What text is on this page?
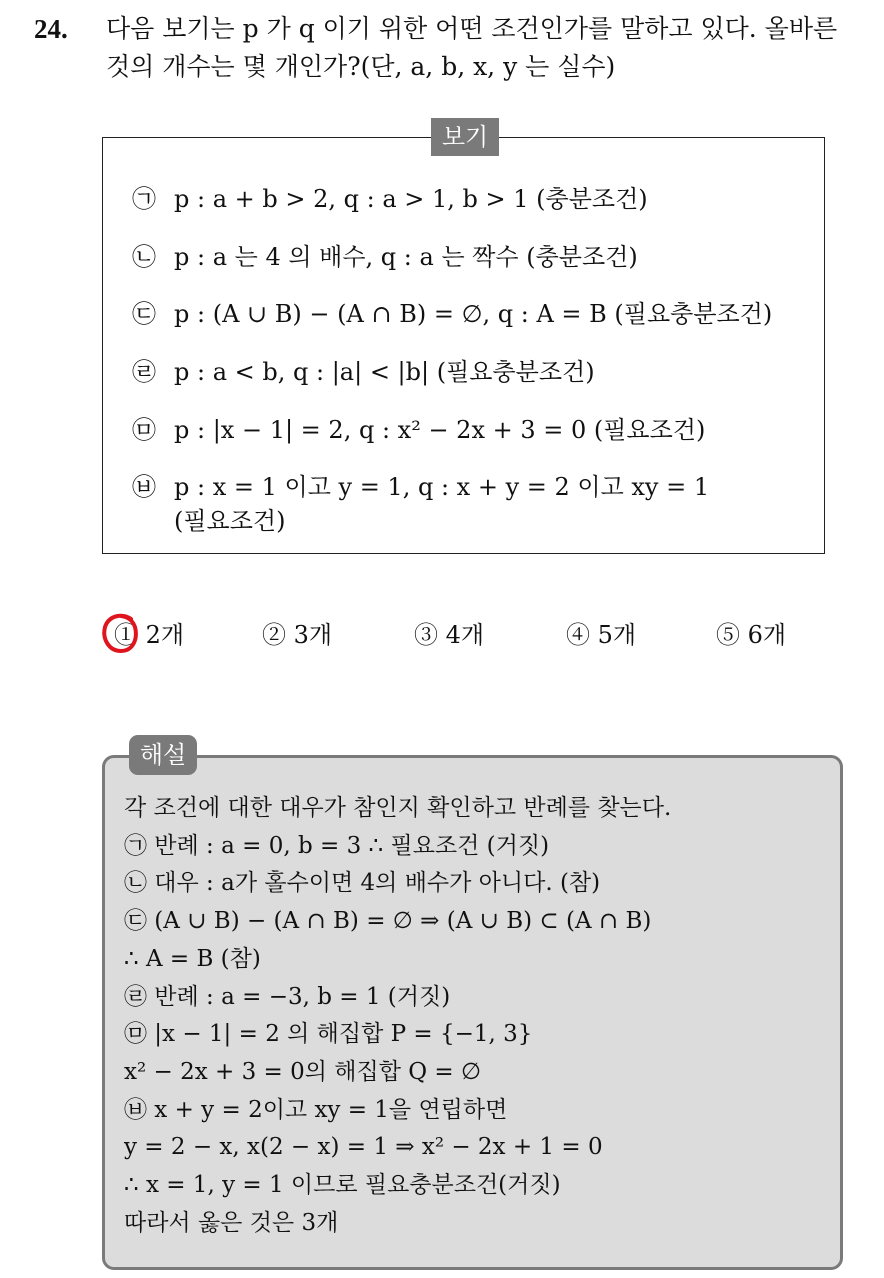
24. 다음 보기는 p 가 q 이기 위한 어떤 조건인가를 말하고 있다. 올바른
것의 개수는 몇 개인가?(단, a, b, x, y 는 실수)
보기
㉠ p : a + b > 2, q : a > 1, b > 1 (충분조건)
㉡ p : a 는 4 의 배수, q : a 는 짝수 (충분조건)
㉢ p : (A ∪ B) − (A ∩ B) = ∅, q : A = B (필요충분조건)
㉣ p : a < b, q : |a| < |b| (필요충분조건)
㉤ p : |x − 1| = 2, q : x² − 2x + 3 = 0 (필요조건)
㉥ p : x = 1 이고 y = 1, q : x + y = 2 이고 xy = 1
(필요조건)
① 2개	② 3개	③ 4개	④ 5개	⑤ 6개
해설
각 조건에 대한 대우가 참인지 확인하고 반례를 찾는다.
㉠ 반례 : a = 0, b = 3 ∴ 필요조건 (거짓)
㉡ 대우 : a가 홀수이면 4의 배수가 아니다. (참)
㉢ (A ∪ B) − (A ∩ B) = ∅ ⇒ (A ∪ B) ⊂ (A ∩ B)
∴ A = B (참)
㉣ 반례 : a = −3, b = 1 (거짓)
㉤ |x − 1| = 2 의 해집합 P = {−1, 3}
x² − 2x + 3 = 0의 해집합 Q = ∅
㉥ x + y = 2이고 xy = 1을 연립하면
y = 2 − x, x(2 − x) = 1 ⇒ x² − 2x + 1 = 0
∴ x = 1, y = 1 이므로 필요충분조건(거짓)
따라서 옳은 것은 3개
